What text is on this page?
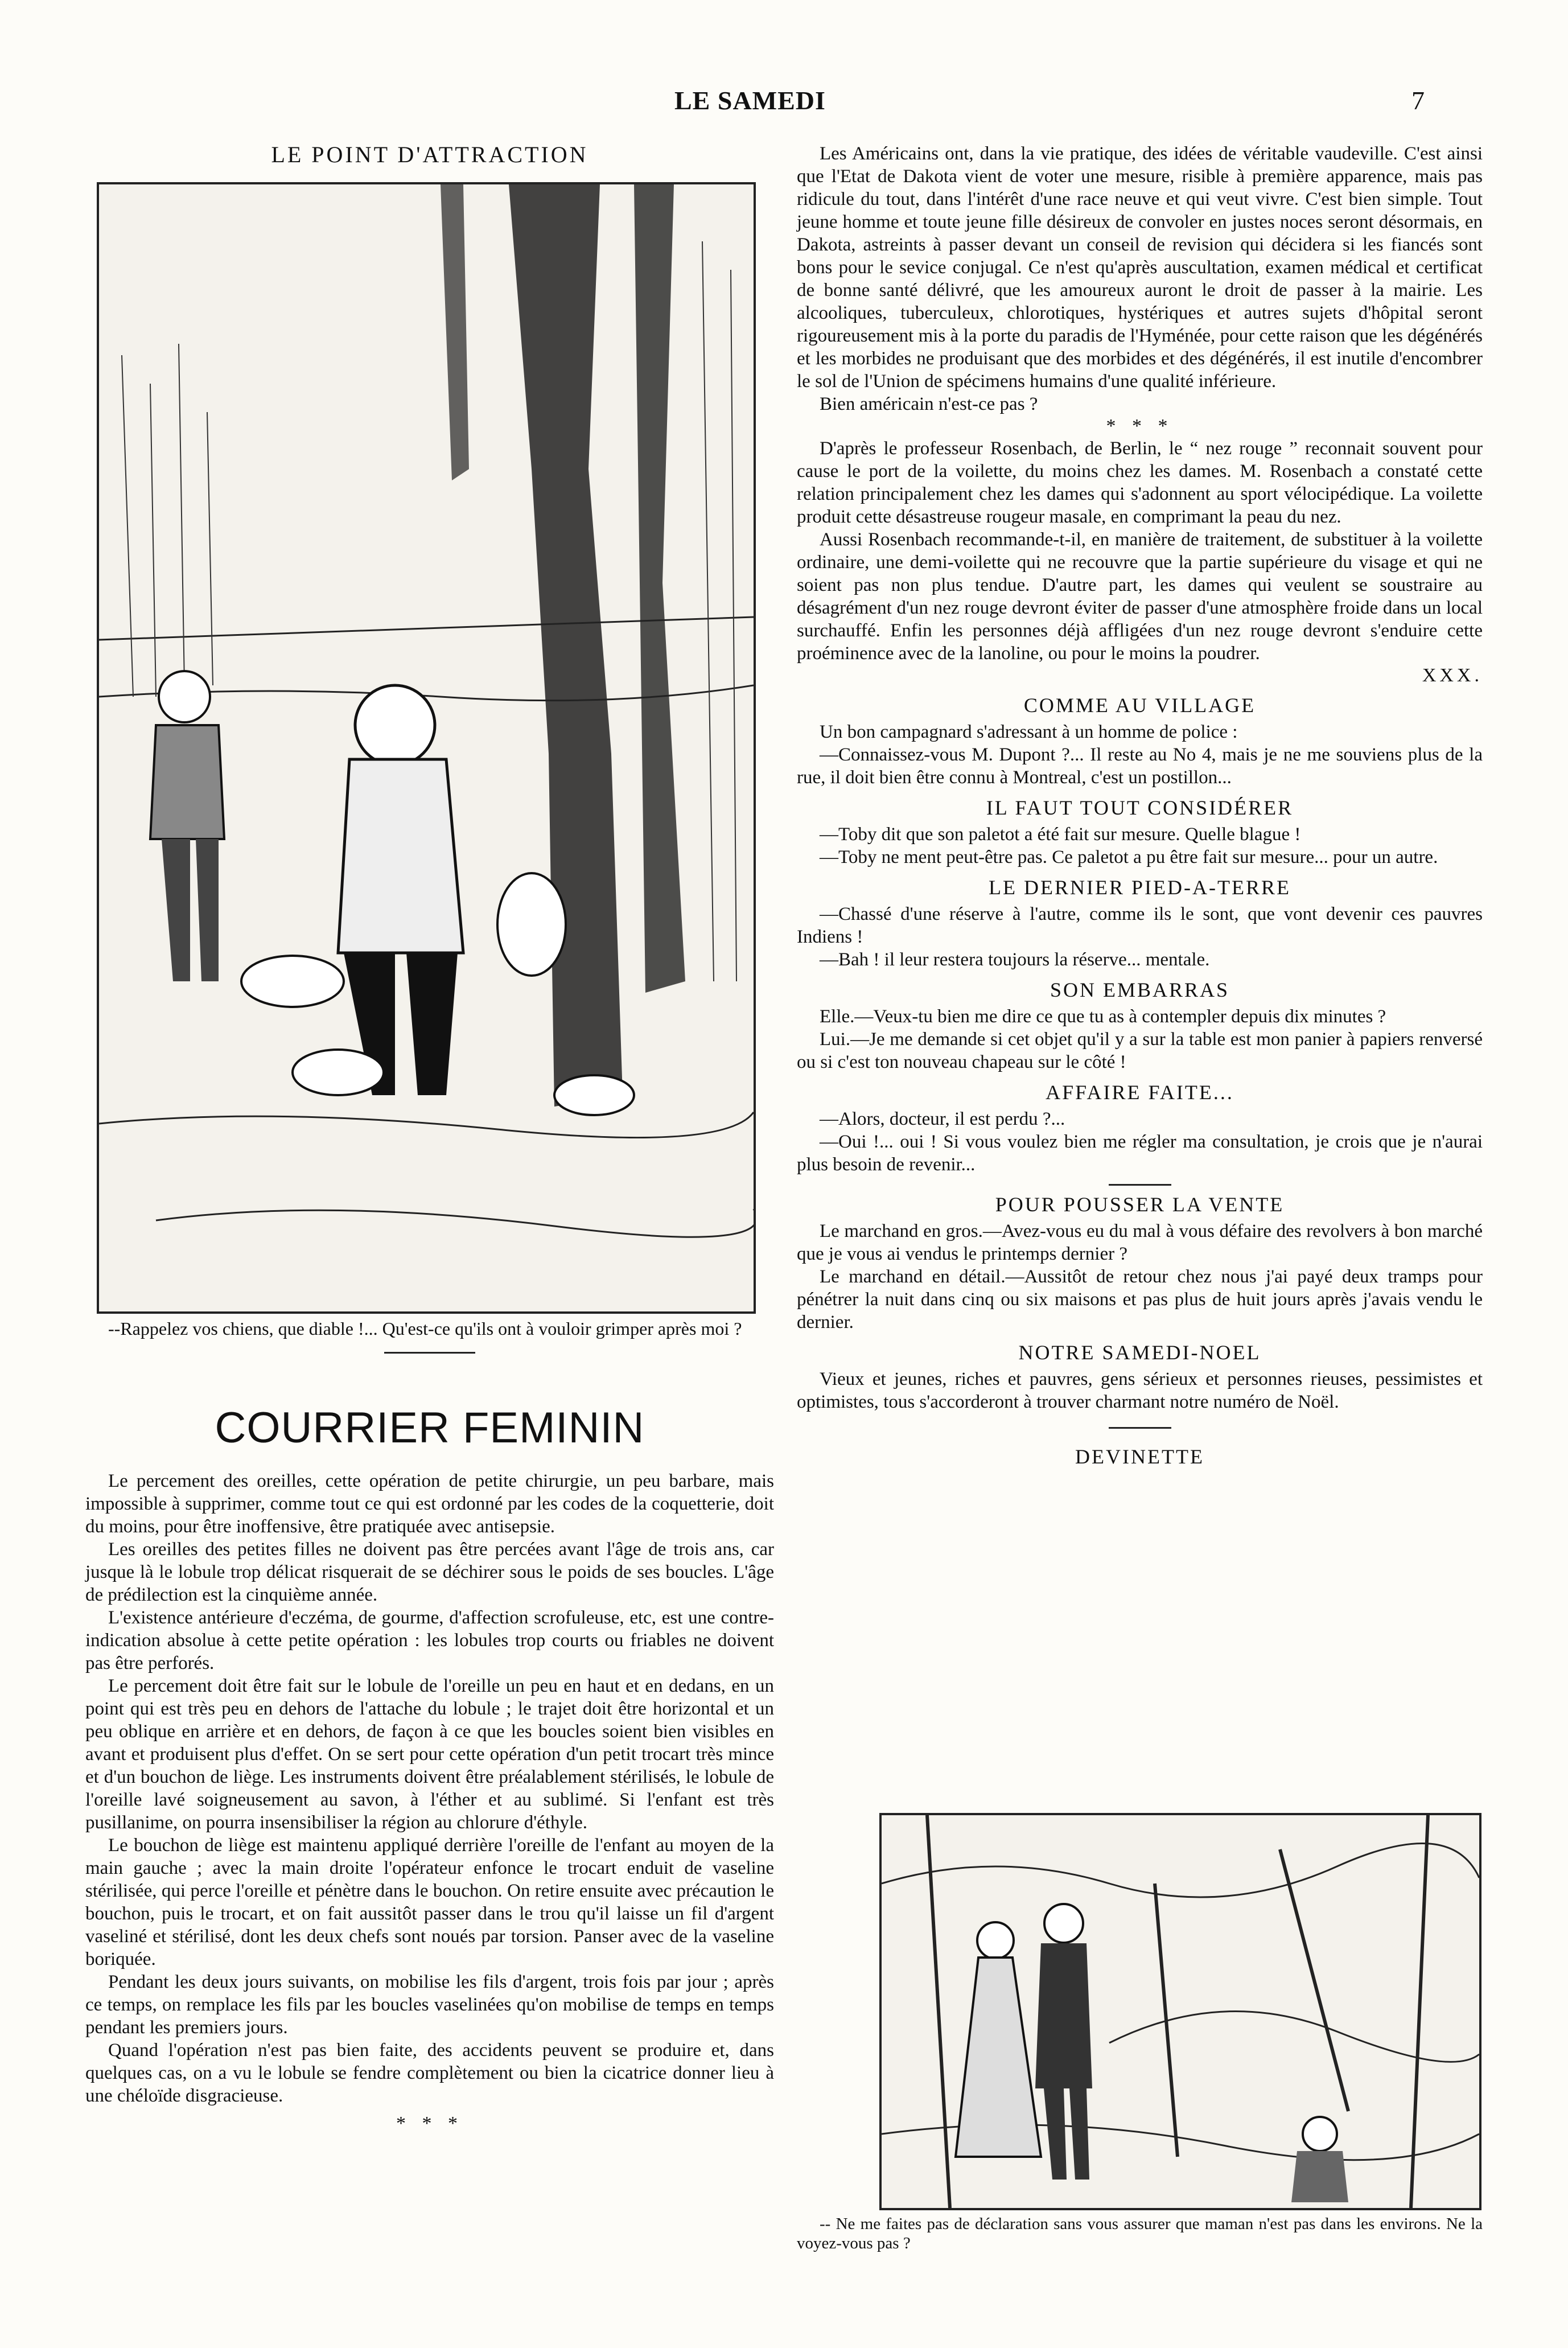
LE SAMEDI	7
LE POINT D'ATTRACTION

--Rappelez vos chiens, que diable !... Qu'est-ce qu'ils ont à vouloir grimper après moi ?

COURRIER FEMININ

Le percement des oreilles, cette opération de petite chirurgie, un peu barbare, mais impossible à supprimer, comme tout ce qui est ordonné par les codes de la coquetterie, doit du moins, pour être inoffensive, être pratiquée avec antisepsie.

Les oreilles des petites filles ne doivent pas être percées avant l'âge de trois ans, car jusque là le lobule trop délicat risquerait de se déchirer sous le poids de ses boucles. L'âge de prédilection est la cinquième année.

L'existence antérieure d'eczéma, de gourme, d'affection scrofuleuse, etc, est une contre-indication absolue à cette petite opération : les lobules trop courts ou friables ne doivent pas être perforés.

Le percement doit être fait sur le lobule de l'oreille un peu en haut et en dedans, en un point qui est très peu en dehors de l'attache du lobule ; le trajet doit être horizontal et un peu oblique en arrière et en dehors, de façon à ce que les boucles soient bien visibles en avant et produisent plus d'effet. On se sert pour cette opération d'un petit trocart très mince et d'un bouchon de liège. Les instruments doivent être préalablement stérilisés, le lobule de l'oreille lavé soigneusement au savon, à l'éther et au sublimé. Si l'enfant est très pusillanime, on pourra insensibiliser la région au chlorure d'éthyle.

Le bouchon de liège est maintenu appliqué derrière l'oreille de l'enfant au moyen de la main gauche ; avec la main droite l'opérateur enfonce le trocart enduit de vaseline stérilisée, qui perce l'oreille et pénètre dans le bouchon. On retire ensuite avec précaution le bouchon, puis le trocart, et on fait aussitôt passer dans le trou qu'il laisse un fil d'argent vaseliné et stérilisé, dont les deux chefs sont noués par torsion. Panser avec de la vaseline boriquée.

Pendant les deux jours suivants, on mobilise les fils d'argent, trois fois par jour ; après ce temps, on remplace les fils par les boucles vaselinées qu'on mobilise de temps en temps pendant les premiers jours.

Quand l'opération n'est pas bien faite, des accidents peuvent se produire et, dans quelques cas, on a vu le lobule se fendre complètement ou bien la cicatrice donner lieu à une chéloïde disgracieuse.

* * *

Les Américains ont, dans la vie pratique, des idées de véritable vaudeville. C'est ainsi que l'Etat de Dakota vient de voter une mesure, risible à première apparence, mais pas ridicule du tout, dans l'intérêt d'une race neuve et qui veut vivre. C'est bien simple. Tout jeune homme et toute jeune fille désireux de convoler en justes noces seront désormais, en Dakota, astreints à passer devant un conseil de revision qui décidera si les fiancés sont bons pour le sevice conjugal. Ce n'est qu'après auscultation, examen médical et certificat de bonne santé délivré, que les amoureux auront le droit de passer à la mairie. Les alcooliques, tuberculeux, chlorotiques, hystériques et autres sujets d'hôpital seront rigoureusement mis à la porte du paradis de l'Hyménée, pour cette raison que les dégénérés et les morbides ne produisant que des morbides et des dégénérés, il est inutile d'encombrer le sol de l'Union de spécimens humains d'une qualité inférieure.

Bien américain n'est-ce pas ?

* * *

D'après le professeur Rosenbach, de Berlin, le “ nez rouge ” reconnait souvent pour cause le port de la voilette, du moins chez les dames. M. Rosenbach a constaté cette relation principalement chez les dames qui s'adonnent au sport vélocipédique. La voilette produit cette désastreuse rougeur masale, en comprimant la peau du nez.

Aussi Rosenbach recommande-t-il, en manière de traitement, de substituer à la voilette ordinaire, une demi-voilette qui ne recouvre que la partie supérieure du visage et qui ne soient pas non plus tendue. D'autre part, les dames qui veulent se soustraire au désagrément d'un nez rouge devront éviter de passer d'une atmosphère froide dans un local surchauffé. Enfin les personnes déjà affligées d'un nez rouge devront s'enduire cette proéminence avec de la lanoline, ou pour le moins la poudrer.

XXX.
COMME AU VILLAGE

Un bon campagnard s'adressant à un homme de police :

—Connaissez-vous M. Dupont ?... Il reste au No 4, mais je ne me souviens plus de la rue, il doit bien être connu à Montreal, c'est un postillon...

IL FAUT TOUT CONSIDÉRER

—Toby dit que son paletot a été fait sur mesure. Quelle blague !

—Toby ne ment peut-être pas. Ce paletot a pu être fait sur mesure... pour un autre.

LE DERNIER PIED-A-TERRE

—Chassé d'une réserve à l'autre, comme ils le sont, que vont devenir ces pauvres Indiens !

—Bah ! il leur restera toujours la réserve... mentale.

SON EMBARRAS

Elle.—Veux-tu bien me dire ce que tu as à contempler depuis dix minutes ?

Lui.—Je me demande si cet objet qu'il y a sur la table est mon panier à papiers renversé ou si c'est ton nouveau chapeau sur le côté !

AFFAIRE FAITE...

—Alors, docteur, il est perdu ?...

—Oui !... oui ! Si vous voulez bien me régler ma consultation, je crois que je n'aurai plus besoin de revenir...

POUR POUSSER LA VENTE

Le marchand en gros.—Avez-vous eu du mal à vous défaire des revolvers à bon marché que je vous ai vendus le printemps dernier ?

Le marchand en détail.—Aussitôt de retour chez nous j'ai payé deux tramps pour pénétrer la nuit dans cinq ou six maisons et pas plus de huit jours après j'avais vendu le dernier.

NOTRE SAMEDI-NOEL

Vieux et jeunes, riches et pauvres, gens sérieux et personnes rieuses, pessimistes et optimistes, tous s'accorderont à trouver charmant notre numéro de Noël.

DEVINETTE

-- Ne me faites pas de déclaration sans vous assurer que maman n'est pas dans les environs. Ne la voyez-vous pas ?
